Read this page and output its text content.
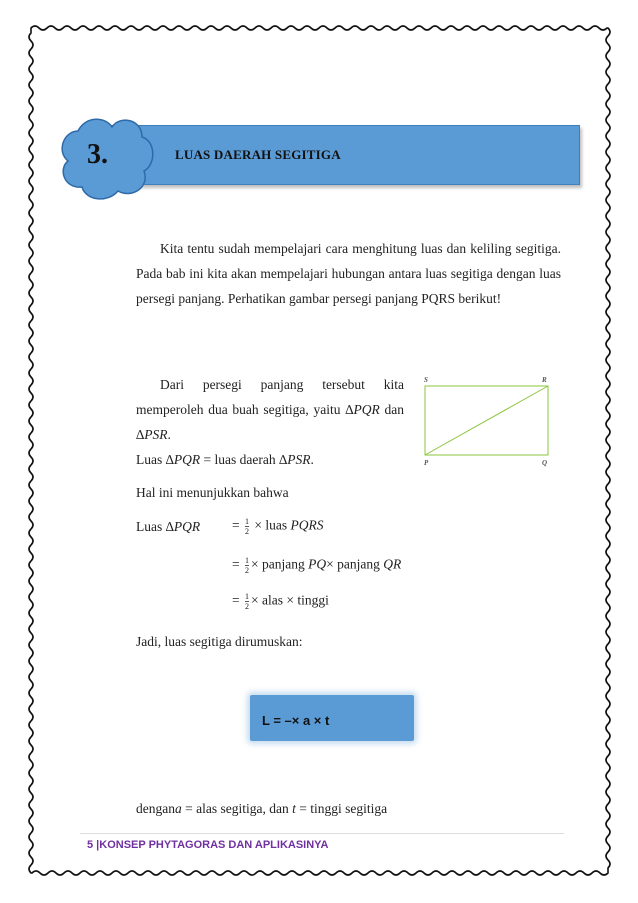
LUAS DAERAH SEGITIGA
3.
Kita tentu sudah mempelajari cara menghitung luas dan keliling segitiga. Pada bab ini kita akan mempelajari hubungan antara luas segitiga dengan luas persegi panjang. Perhatikan gambar persegi panjang PQRS berikut!
Dari persegi panjang tersebut kita memperoleh dua buah segitiga, yaitu ∆PQR dan ∆PSR.
S	R
P	Q
Luas ∆PQR = luas daerah ∆PSR.
Hal ini menunjukkan bahwa
Luas $\Delta PQR = \frac{1}{2}$ × luas PQRS
= $\frac{1}{2}$ × panjang PQ× panjang QR
= $\frac{1}{2}$ × alas × tinggi
Jadi, luas segitiga dirumuskan:
L = –× a × t
dengana = alas segitiga, dan t = tinggi segitiga
5 |KONSEP PHYTAGORAS DAN APLIKASINYA
